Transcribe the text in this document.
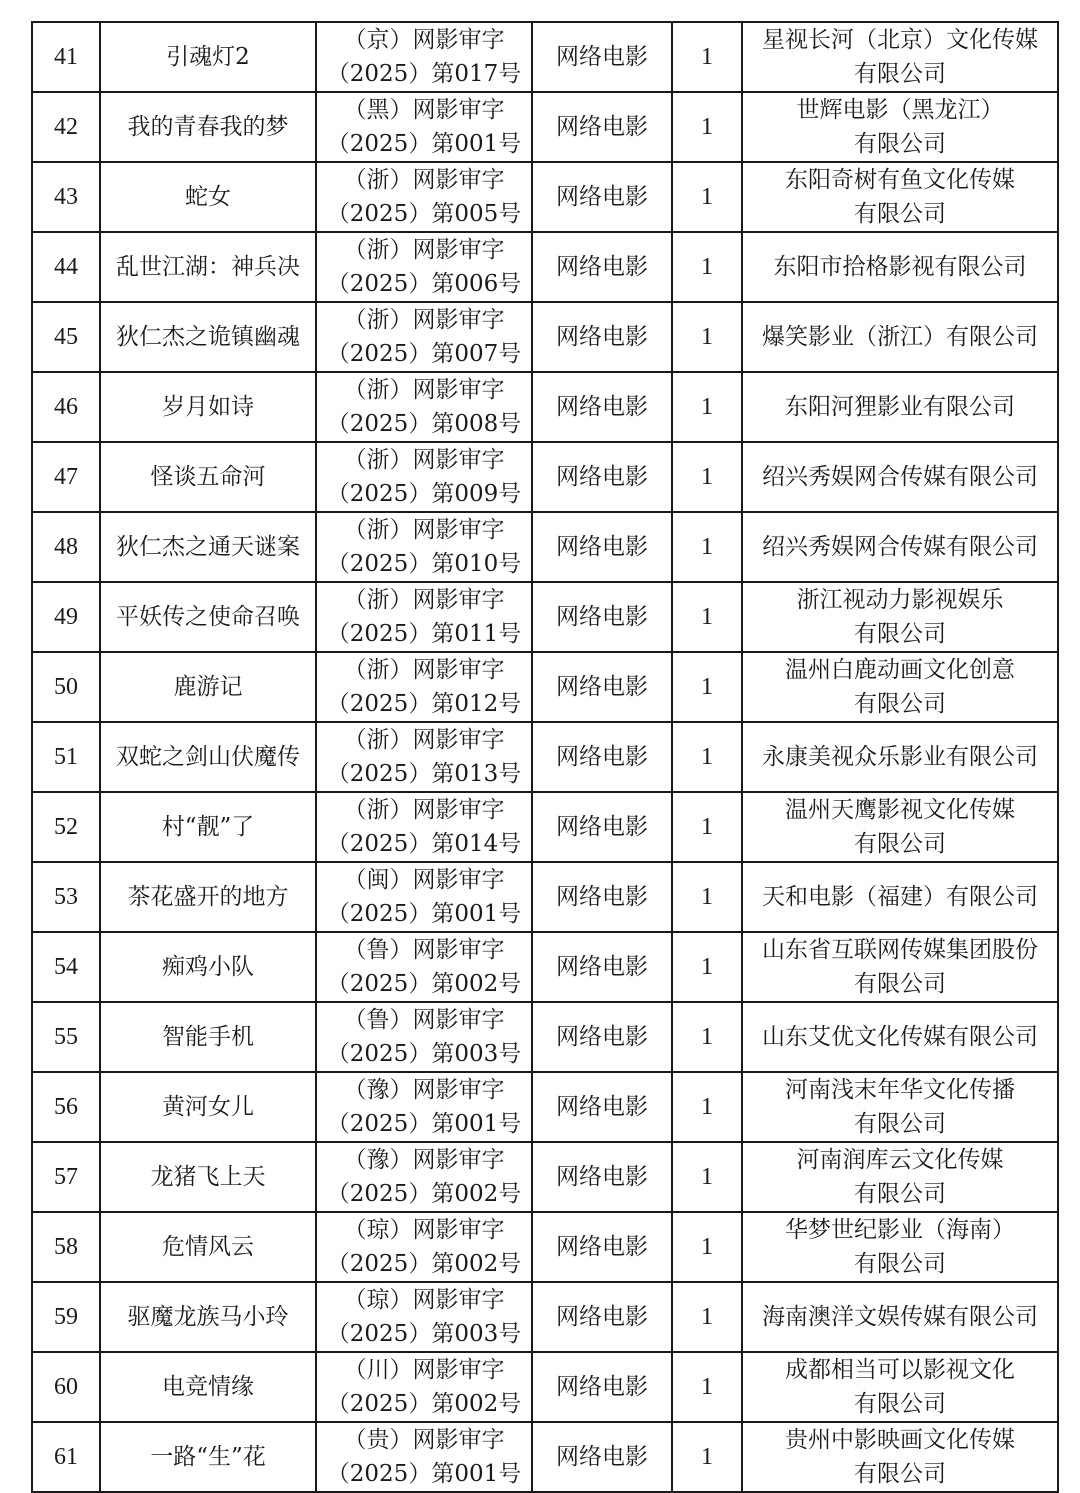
41	引魂灯2	（京）网影审字
（2025）第017号	网络电影	1	星视长河（北京）文化传媒
有限公司

42	我的青春我的梦	（黑）网影审字
（2025）第001号	网络电影	1	世辉电影（黑龙江）
有限公司

43	蛇女	（浙）网影审字
（2025）第005号	网络电影	1	东阳奇树有鱼文化传媒
有限公司

44	乱世江湖：神兵决	（浙）网影审字
（2025）第006号	网络电影	1	东阳市拾格影视有限公司

45	狄仁杰之诡镇幽魂	（浙）网影审字
（2025）第007号	网络电影	1	爆笑影业（浙江）有限公司

46	岁月如诗	（浙）网影审字
（2025）第008号	网络电影	1	东阳河狸影业有限公司

47	怪谈五命河	（浙）网影审字
（2025）第009号	网络电影	1	绍兴秀娱网合传媒有限公司

48	狄仁杰之通天谜案	（浙）网影审字
（2025）第010号	网络电影	1	绍兴秀娱网合传媒有限公司

49	平妖传之使命召唤	（浙）网影审字
（2025）第011号	网络电影	1	浙江视动力影视娱乐
有限公司

50	鹿游记	（浙）网影审字
（2025）第012号	网络电影	1	温州白鹿动画文化创意
有限公司

51	双蛇之剑山伏魔传	（浙）网影审字
（2025）第013号	网络电影	1	永康美视众乐影业有限公司

52	村“靓”了	（浙）网影审字
（2025）第014号	网络电影	1	温州天鹰影视文化传媒
有限公司

53	茶花盛开的地方	（闽）网影审字
（2025）第001号	网络电影	1	天和电影（福建）有限公司

54	痴鸡小队	（鲁）网影审字
（2025）第002号	网络电影	1	山东省互联网传媒集团股份
有限公司

55	智能手机	（鲁）网影审字
（2025）第003号	网络电影	1	山东艾优文化传媒有限公司

56	黄河女儿	（豫）网影审字
（2025）第001号	网络电影	1	河南浅末年华文化传播
有限公司

57	龙猪飞上天	（豫）网影审字
（2025）第002号	网络电影	1	河南润库云文化传媒
有限公司

58	危情风云	（琼）网影审字
（2025）第002号	网络电影	1	华梦世纪影业（海南）
有限公司

59	驱魔龙族马小玲	（琼）网影审字
（2025）第003号	网络电影	1	海南澳洋文娱传媒有限公司

60	电竞情缘	（川）网影审字
（2025）第002号	网络电影	1	成都相当可以影视文化
有限公司

61	一路“生”花	（贵）网影审字
（2025）第001号	网络电影	1	贵州中影映画文化传媒
有限公司
